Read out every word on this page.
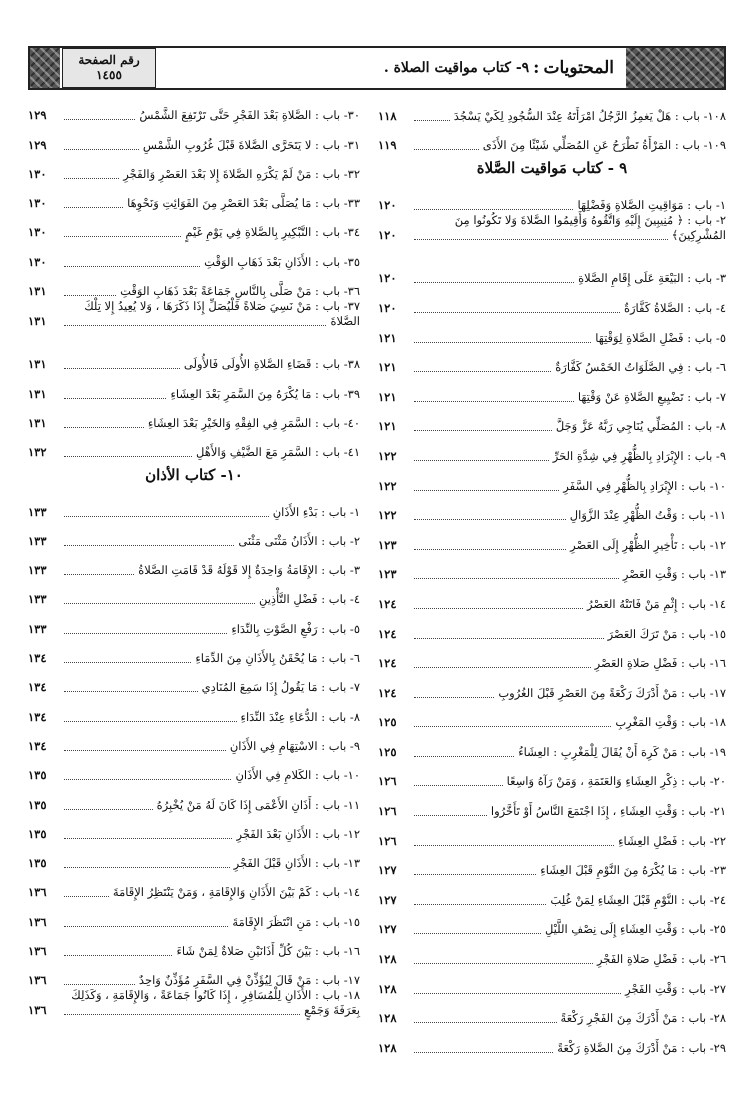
المحتويات
:
٩- كتاب مواقيت الصلاة .
رقم الصفحة
١٤٥٥
١٠٨- باب : هَلْ يَغمِزُ الرَّجُلُ امْرَأَتَهُ عِنْدَ السُّجُودِ لِكَيْ يَسْجُدَ
١١٨
١٠٩- باب : المَرْأَةُ تَطْرَحُ عَنِ المُصَلِّي شَيْئًا مِنَ الأَذَى
١١٩
٩ - كتاب مَواقيت الصَّلاة
١- باب : مَوَاقِيتِ الصَّلاةِ وَفَضْلِهَا
١٢٠
٢- باب : ﴿ مُنِيبِينَ إِلَيْهِ وَاتَّقُوهُ وَأَقِيمُوا الصَّلاةَ وَلا تَكُونُوا مِنَ
المُشْرِكِينَ﴾
١٢٠
٣- باب : البَيْعَةِ عَلَى إِقَامِ الصَّلاةِ
١٢٠
٤- باب : الصَّلاةُ كَفَّارَةٌ
١٢٠
٥- باب : فَضْلِ الصَّلاةِ لِوَقْتِهَا
١٢١
٦- باب : فِي الصَّلَوَاتُ الخَمْسُ كَفَّارَةٌ
١٢١
٧- باب : تَضْيِيعِ الصَّلاةِ عَنْ وَقْتِهَا
١٢١
٨- باب : المُصَلِّي يُنَاجِي رَبَّهُ عَزَّ وَجَلَّ
١٢١
٩- باب : الإِبْرَادِ بِالظُّهْرِ فِي شِدَّةِ الحَرِّ
١٢٢
١٠- باب : الإِبْرَادِ بِالظُّهْرِ فِي السَّفَرِ
١٢٢
١١- باب : وَقْتُ الظُّهْرِ عِنْدَ الزَّوَالِ
١٢٢
١٢- باب : تَأْخِيرِ الظُّهْرِ إِلَى العَصْرِ
١٢٣
١٣- باب : وَقْتِ العَصْرِ
١٢٣
١٤- باب : إِثْمِ مَنْ فَاتَتْهُ العَصْرُ
١٢٤
١٥- باب : مَنْ تَرَكَ العَصْرَ
١٢٤
١٦- باب : فَضْلِ صَلاةِ العَصْرِ
١٢٤
١٧- باب : مَنْ أَدْرَكَ رَكْعَةً مِنَ العَصْرِ قَبْلَ الغُرُوبِ
١٢٤
١٨- باب : وَقْتِ المَغْرِبِ
١٢٥
١٩- باب : مَنْ كَرِهَ أَنْ يُقَالَ لِلْمَغْرِبِ : العِشَاءُ
١٢٥
٢٠- باب : ذِكْرِ العِشَاءِ وَالعَتَمَةِ ، وَمَنْ رَآهُ وَاسِعًا
١٢٦
٢١- باب : وَقْتِ العِشَاءِ ، إِذَا اجْتَمَعَ النَّاسُ أَوْ تَأَخَّرُوا
١٢٦
٢٢- باب : فَضْلِ العِشَاءِ
١٢٦
٢٣- باب : مَا يُكْرَهُ مِنَ النَّوْمِ قَبْلَ العِشَاءِ
١٢٧
٢٤- باب : النَّوْمِ قَبْلَ العِشَاءِ لِمَنْ غُلِبَ
١٢٧
٢٥- باب : وَقْتِ العِشَاءِ إِلَى نِصْفِ اللَّيْلِ
١٢٧
٢٦- باب : فَضْلِ صَلاةِ الفَجْرِ
١٢٨
٢٧- باب : وَقْتِ الفَجْرِ
١٢٨
٢٨- باب : مَنْ أَدْرَكَ مِنَ الفَجْرِ رَكْعَةً
١٢٨
٢٩- باب : مَنْ أَدْرَكَ مِنَ الصَّلاةِ رَكْعَةً
١٢٨
٣٠- باب : الصَّلاةِ بَعْدَ الفَجْرِ حَتَّى تَرْتَفِعَ الشَّمْسُ
١٢٩
٣١- باب : لا يَتَحَرَّى الصَّلاةَ قَبْلَ غُرُوبِ الشَّمْسِ
١٢٩
٣٢- باب : مَنْ لَمْ يَكْرَهِ الصَّلاةَ إِلا بَعْدَ العَصْرِ وَالفَجْرِ
١٣٠
٣٣- باب : مَا يُصَلَّى بَعْدَ العَصْرِ مِنَ الفَوَائِتِ وَنَحْوِهَا
١٣٠
٣٤- باب : التَّبْكِيرِ بِالصَّلاةِ فِي يَوْمِ غَيْمٍ
١٣٠
٣٥- باب : الأَذَانِ بَعْدَ ذَهَابِ الوَقْتِ
١٣٠
٣٦- باب : مَنْ صَلَّى بِالنَّاسِ جَمَاعَةً بَعْدَ ذَهَابِ الوَقْتِ
١٣١
٣٧- باب : مَنْ نَسِيَ صَلاةً فَلْيُصَلِّ إِذَا ذَكَرَهَا ، وَلا يُعِيدُ إِلا تِلْكَ
الصَّلاةَ
١٣١
٣٨- باب : قَضَاءِ الصَّلاةِ الأُولَى فَالأُولَى
١٣١
٣٩- باب : مَا يُكْرَهُ مِنَ السَّمَرِ بَعْدَ العِشَاءِ
١٣١
٤٠- باب : السَّمَرِ فِي الفِقْهِ وَالخَيْرِ بَعْدَ العِشَاءِ
١٣١
٤١- باب : السَّمَرِ مَعَ الضَّيْفِ وَالأَهْلِ
١٣٢
١٠- كتاب الأذان
١- باب : بَدْءِ الأَذَانِ
١٣٣
٢- باب : الأَذَانُ مَثْنَى مَثْنَى
١٣٣
٣- باب : الإِقَامَةُ وَاحِدَةٌ إِلا قَوْلَهُ قَدْ قَامَتِ الصَّلاةُ
١٣٣
٤- باب : فَضْلِ التَّأْذِينِ
١٣٣
٥- باب : رَفْعِ الصَّوْتِ بِالنِّدَاءِ
١٣٣
٦- باب : مَا يُحْقَنُ بِالأَذَانِ مِنَ الدِّمَاءِ
١٣٤
٧- باب : مَا يَقُولُ إِذَا سَمِعَ المُنَادِي
١٣٤
٨- باب : الدُّعَاءِ عِنْدَ النِّدَاءِ
١٣٤
٩- باب : الاسْتِهَامِ فِي الأَذَانِ
١٣٤
١٠- باب : الكَلامِ فِي الأَذَانِ
١٣٥
١١- باب : أَذَانِ الأَعْمَى إِذَا كَانَ لَهُ مَنْ يُخْبِرُهُ
١٣٥
١٢- باب : الأَذَانِ بَعْدَ الفَجْرِ
١٣٥
١٣- باب : الأَذَانِ قَبْلَ الفَجْرِ
١٣٥
١٤- باب : كَمْ بَيْنَ الأَذَانِ وَالإِقَامَةِ ، وَمَنْ يَنْتَظِرُ الإِقَامَةَ
١٣٦
١٥- باب : مَنِ انْتَظَرَ الإِقَامَةَ
١٣٦
١٦- باب : بَيْنَ كُلِّ أَذَانَيْنِ صَلاةٌ لِمَنْ شَاءَ
١٣٦
١٧- باب : مَنْ قَالَ لِيُؤَذِّنْ فِي السَّفَرِ مُؤَذِّنٌ وَاحِدٌ
١٣٦
١٨- باب : الأَذَانِ لِلْمُسَافِرِ ، إِذَا كَانُوا جَمَاعَةً ، وَالإِقَامَةِ ، وَكَذَلِكَ
بِعَرَفَةَ وَجَمْعٍ
١٣٦
